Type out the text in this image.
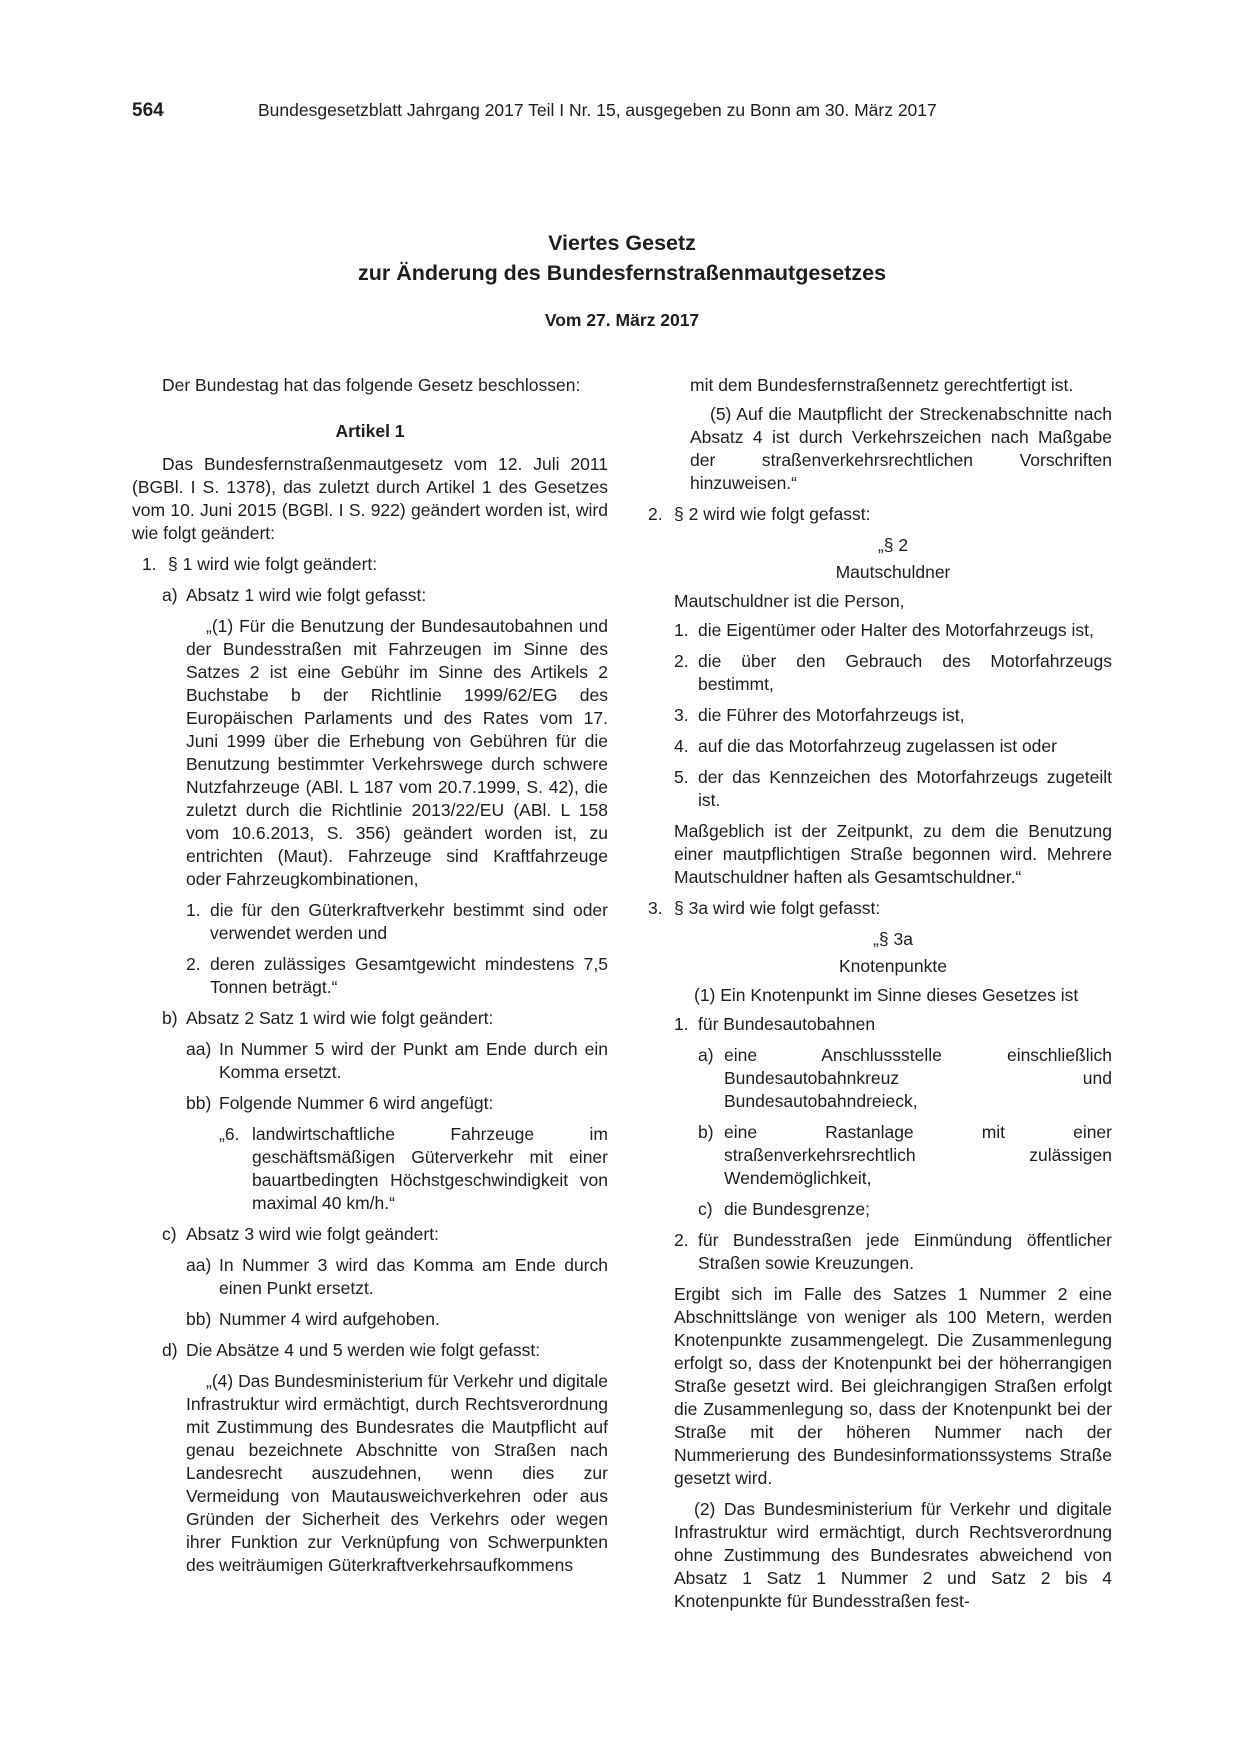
564	Bundesgesetzblatt Jahrgang 2017 Teil I Nr. 15, ausgegeben zu Bonn am 30. März 2017
Viertes Gesetz
zur Änderung des Bundesfernstraßenmautgesetzes
Vom 27. März 2017

Der Bundestag hat das folgende Gesetz beschlossen:

Artikel 1

Das Bundesfernstraßenmautgesetz vom 12. Juli 2011 (BGBl. I S. 1378), das zuletzt durch Artikel 1 des Gesetzes vom 10. Juni 2015 (BGBl. I S. 922) geändert worden ist, wird wie folgt geändert:

1. § 1 wird wie folgt geändert:
a) Absatz 1 wird wie folgt gefasst:

„(1) Für die Benutzung der Bundesautobahnen und der Bundesstraßen mit Fahrzeugen im Sinne des Satzes 2 ist eine Gebühr im Sinne des Artikels 2 Buchstabe b der Richtlinie 1999/62/EG des Europäischen Parlaments und des Rates vom 17. Juni 1999 über die Erhebung von Gebühren für die Benutzung bestimmter Verkehrswege durch schwere Nutzfahrzeuge (ABl. L 187 vom 20.7.1999, S. 42), die zuletzt durch die Richtlinie 2013/22/EU (ABl. L 158 vom 10.6.2013, S. 356) geändert worden ist, zu entrichten (Maut). Fahrzeuge sind Kraftfahrzeuge oder Fahrzeugkombinationen,

1. die für den Güterkraftverkehr bestimmt sind oder verwendet werden und
2. deren zulässiges Gesamtgewicht mindestens 7,5 Tonnen beträgt.“
b) Absatz 2 Satz 1 wird wie folgt geändert:
aa) In Nummer 5 wird der Punkt am Ende durch ein Komma ersetzt.
bb) Folgende Nummer 6 wird angefügt:
„6. landwirtschaftliche Fahrzeuge im geschäftsmäßigen Güterverkehr mit einer bauartbedingten Höchstgeschwindigkeit von maximal 40 km/h.“
c) Absatz 3 wird wie folgt geändert:
aa) In Nummer 3 wird das Komma am Ende durch einen Punkt ersetzt.
bb) Nummer 4 wird aufgehoben.
d) Die Absätze 4 und 5 werden wie folgt gefasst:

„(4) Das Bundesministerium für Verkehr und digitale Infrastruktur wird ermächtigt, durch Rechtsverordnung mit Zustimmung des Bundesrates die Mautpflicht auf genau bezeichnete Abschnitte von Straßen nach Landesrecht auszudehnen, wenn dies zur Vermeidung von Mautausweichverkehren oder aus Gründen der Sicherheit des Verkehrs oder wegen ihrer Funktion zur Verknüpfung von Schwerpunkten des weiträumigen Güterkraftverkehrsaufkommens

mit dem Bundesfernstraßennetz gerechtfertigt ist.

(5) Auf die Mautpflicht der Streckenabschnitte nach Absatz 4 ist durch Verkehrszeichen nach Maßgabe der straßenverkehrsrechtlichen Vorschriften hinzuweisen.“

2. § 2 wird wie folgt gefasst:

„§ 2

Mautschuldner

Mautschuldner ist die Person,

1. die Eigentümer oder Halter des Motorfahrzeugs ist,
2. die über den Gebrauch des Motorfahrzeugs bestimmt,
3. die Führer des Motorfahrzeugs ist,
4. auf die das Motorfahrzeug zugelassen ist oder
5. der das Kennzeichen des Motorfahrzeugs zugeteilt ist.

Maßgeblich ist der Zeitpunkt, zu dem die Benutzung einer mautpflichtigen Straße begonnen wird. Mehrere Mautschuldner haften als Gesamtschuldner.“

3. § 3a wird wie folgt gefasst:

„§ 3a

Knotenpunkte

(1) Ein Knotenpunkt im Sinne dieses Gesetzes ist

1. für Bundesautobahnen
a) eine Anschlussstelle einschließlich Bundesautobahnkreuz und Bundesautobahndreieck,
b) eine Rastanlage mit einer straßenverkehrsrechtlich zulässigen Wendemöglichkeit,
c) die Bundesgrenze;
2. für Bundesstraßen jede Einmündung öffentlicher Straßen sowie Kreuzungen.

Ergibt sich im Falle des Satzes 1 Nummer 2 eine Abschnittslänge von weniger als 100 Metern, werden Knotenpunkte zusammengelegt. Die Zusammenlegung erfolgt so, dass der Knotenpunkt bei der höherrangigen Straße gesetzt wird. Bei gleichrangigen Straßen erfolgt die Zusammenlegung so, dass der Knotenpunkt bei der Straße mit der höheren Nummer nach der Nummerierung des Bundesinformationssystems Straße gesetzt wird.

(2) Das Bundesministerium für Verkehr und digitale Infrastruktur wird ermächtigt, durch Rechtsverordnung ohne Zustimmung des Bundesrates abweichend von Absatz 1 Satz 1 Nummer 2 und Satz 2 bis 4 Knotenpunkte für Bundesstraßen fest-
